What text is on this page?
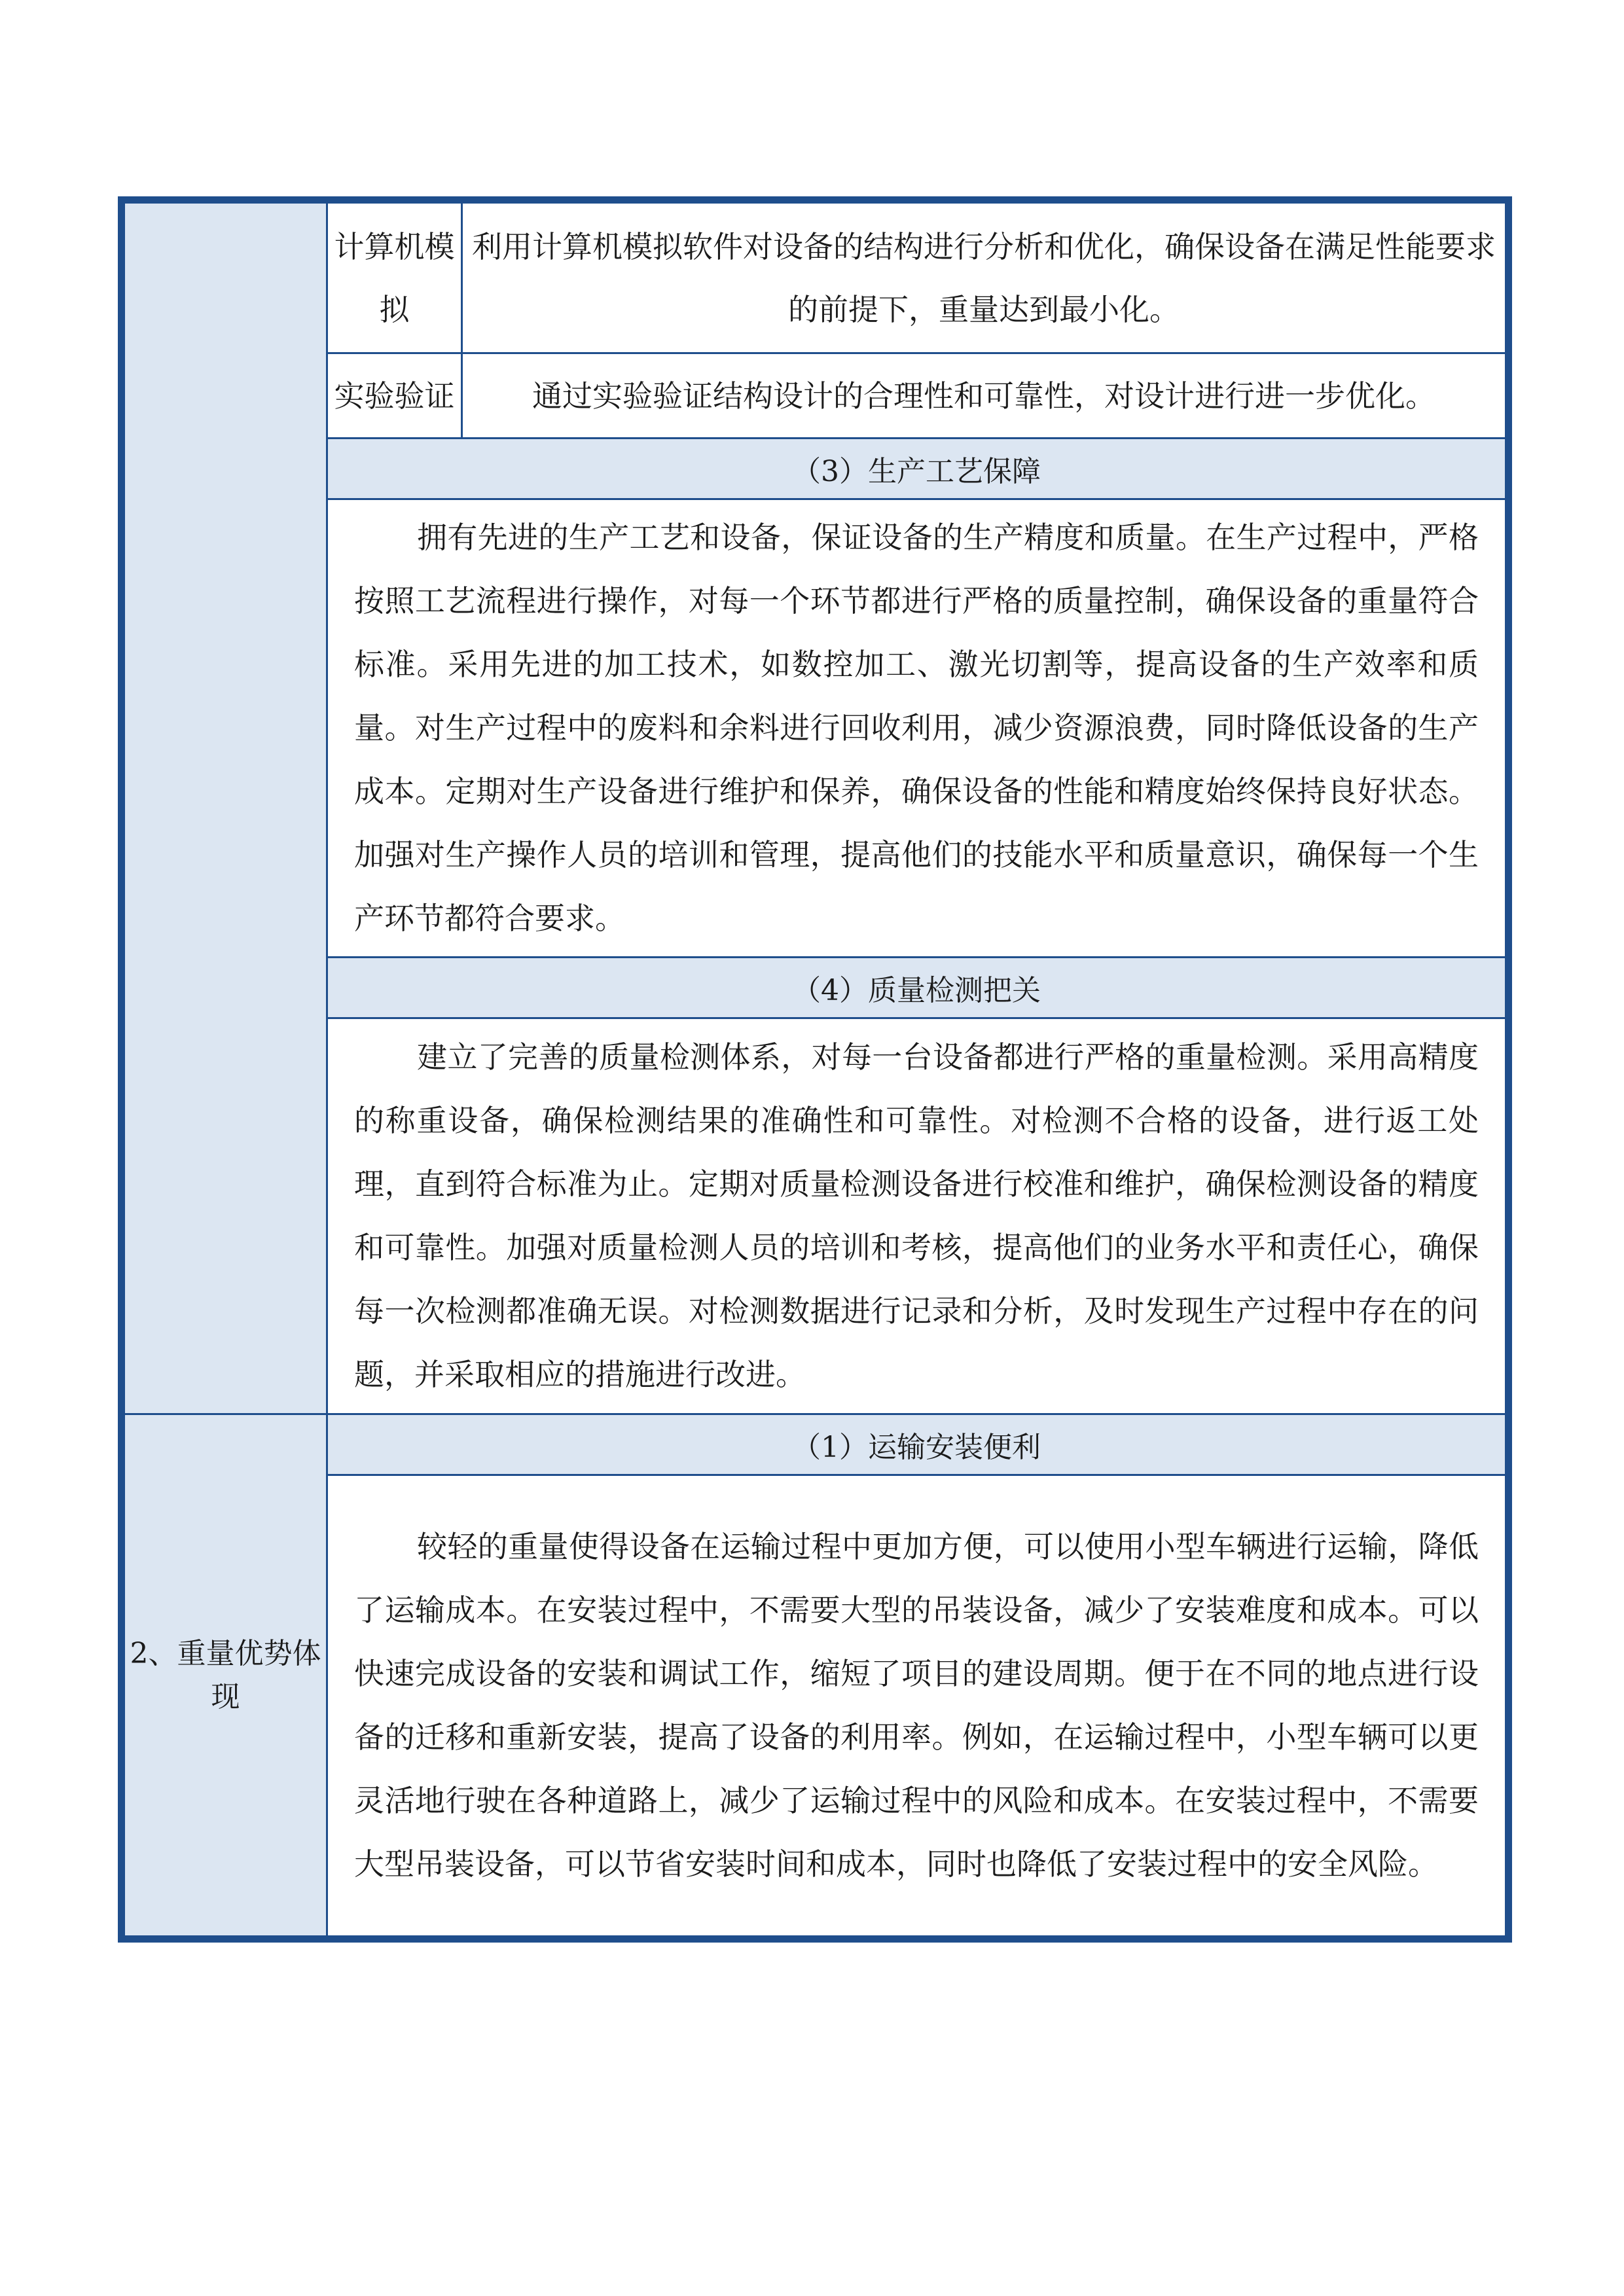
	计算机模拟	利用计算机模拟软件对设备的结构进行分析和优化，确保设备在满足性能要求的前提下，重量达到最小化。
	实验验证	通过实验验证结构设计的合理性和可靠性，对设计进行进一步优化。
	（3）生产工艺保障	
	拥有先进的生产工艺和设备，保证设备的生产精度和质量。在生产过程中，严格按照工艺流程进行操作，对每一个环节都进行严格的质量控制，确保设备的重量符合标准。采用先进的加工技术，如数控加工、激光切割等，提高设备的生产效率和质量。对生产过程中的废料和余料进行回收利用，减少资源浪费，同时降低设备的生产成本。定期对生产设备进行维护和保养，确保设备的性能和精度始终保持良好状态。加强对生产操作人员的培训和管理，提高他们的技能水平和质量意识，确保每一个生产环节都符合要求。	
	（4）质量检测把关	
	建立了完善的质量检测体系，对每一台设备都进行严格的重量检测。采用高精度的称重设备，确保检测结果的准确性和可靠性。对检测不合格的设备，进行返工处理，直到符合标准为止。定期对质量检测设备进行校准和维护，确保检测设备的精度和可靠性。加强对质量检测人员的培训和考核，提高他们的业务水平和责任心，确保每一次检测都准确无误。对检测数据进行记录和分析，及时发现生产过程中存在的问题，并采取相应的措施进行改进。	

2、重量优势体现	（1）运输安装便利	
	较轻的重量使得设备在运输过程中更加方便，可以使用小型车辆进行运输，降低了运输成本。在安装过程中，不需要大型的吊装设备，减少了安装难度和成本。可以快速完成设备的安装和调试工作，缩短了项目的建设周期。便于在不同的地点进行设备的迁移和重新安装，提高了设备的利用率。例如，在运输过程中，小型车辆可以更灵活地行驶在各种道路上，减少了运输过程中的风险和成本。在安装过程中，不需要大型吊装设备，可以节省安装时间和成本，同时也降低了安装过程中的安全风险。	
